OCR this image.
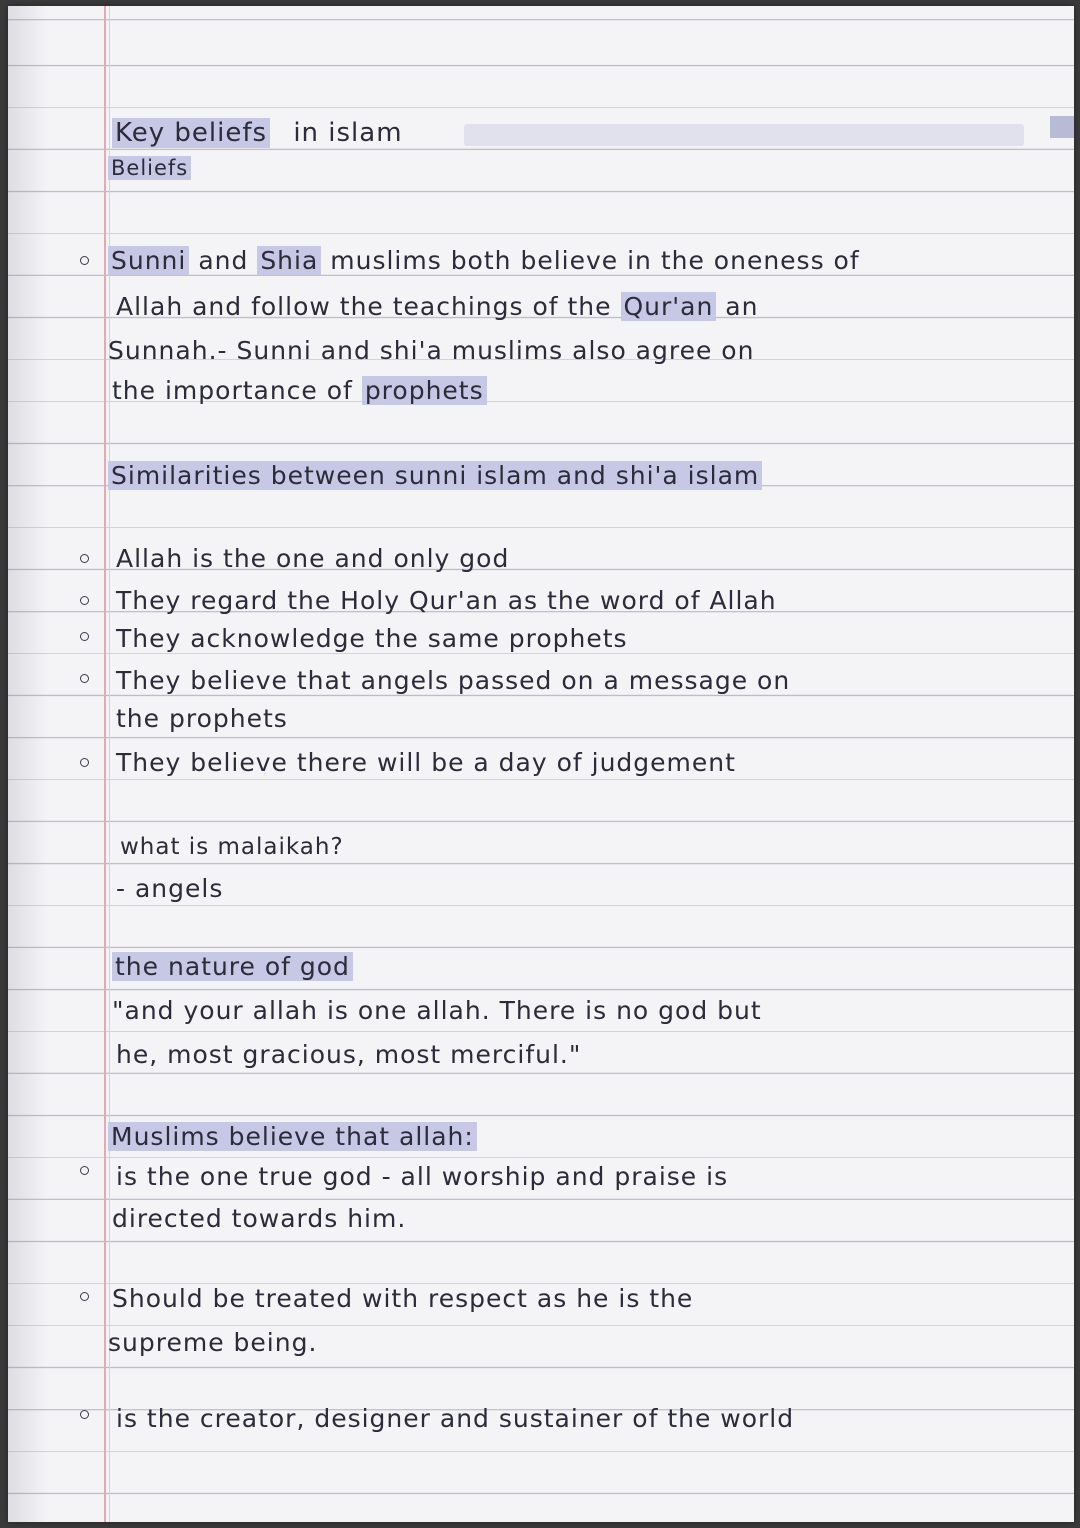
Key beliefs in islam
Beliefs
Sunni and Shia muslims both believe in the oneness of
Allah and follow the teachings of the Qur'an an
Sunnah.- Sunni and shi'a muslims also agree on
the importance of prophets
Similarities between sunni islam and shi'a islam
Allah is the one and only god
They regard the Holy Qur'an as the word of Allah
They acknowledge the same prophets
They believe that angels passed on a message on
the prophets
They believe there will be a day of judgement
what is malaikah?
- angels
the nature of god
"and your allah is one allah. There is no god but
he, most gracious, most merciful."
Muslims believe that allah:
is the one true god - all worship and praise is
directed towards him.
Should be treated with respect as he is the
supreme being.
is the creator, designer and sustainer of the world
